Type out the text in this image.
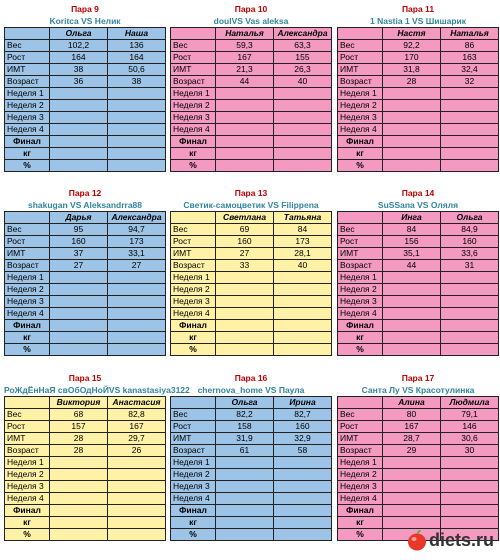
Пара 9
Koritca VS Нелик
	Ольга	Наша
Вес	102,2	136
Рост	164	164
ИМТ	38	50,6
Возраст	36	38
Неделя 1		
Неделя 2		
Неделя 3		
Неделя 4		
Финал		
кг		
%		
Пара 10
doulVS Vas aleksa
	Наталья	Александра
Вес	59,3	63,3
Рост	167	155
ИМТ	21,3	26,3
Возраст	44	40
Неделя 1		
Неделя 2		
Неделя 3		
Неделя 4		
Финал		
кг		
%		
Пара 11
1 Nastia 1 VS Шишарик
	Настя	Наталья
Вес	92,2	86
Рост	170	163
ИМТ	31,8	32,4
Возраст	28	32
Неделя 1		
Неделя 2		
Неделя 3		
Неделя 4		
Финал		
кг		
%		
Пара 12
shakugan VS Aleksandrra88
	Дарья	Александра
Вес	95	94,7
Рост	160	173
ИМТ	37	33,1
Возраст	27	27
Неделя 1		
Неделя 2		
Неделя 3		
Неделя 4		
Финал		
кг		
%		
Пара 13
Светик-самоцветик VS Filippena
	Светлана	Татьяна
Вес	69	84
Рост	160	173
ИМТ	27	28,1
Возраст	33	40
Неделя 1		
Неделя 2		
Неделя 3		
Неделя 4		
Финал		
кг		
%		
Пара 14
SuSSana VS Оляля
	Инга	Ольга
Вес	84	84,9
Рост	156	160
ИМТ	35,1	33,6
Возраст	44	31
Неделя 1		
Неделя 2		
Неделя 3		
Неделя 4		
Финал		
кг		
%		
Пара 15
РоЖдЁнНаЯ свОбОдНоЙVS kanastasiya3122
	Виктория	Анастасия
Вес	68	82,8
Рост	157	167
ИМТ	28	29,7
Возраст	28	26
Неделя 1		
Неделя 2		
Неделя 3		
Неделя 4		
Финал		
кг		
%		
Пара 16
chernova_home VS Паула
	Ольга	Ирина
Вес	82,2	82,7
Рост	158	160
ИМТ	31,9	32,9
Возраст	61	58
Неделя 1		
Неделя 2		
Неделя 3		
Неделя 4		
Финал		
кг		
%		
Пара 17
Санта Лу VS Красотулинка
	Алина	Людмила
Вес	80	79,1
Рост	167	146
ИМТ	28,7	30,6
Возраст	29	30
Неделя 1		
Неделя 2		
Неделя 3		
Неделя 4		
Финал		
кг		
%			diets.ru
